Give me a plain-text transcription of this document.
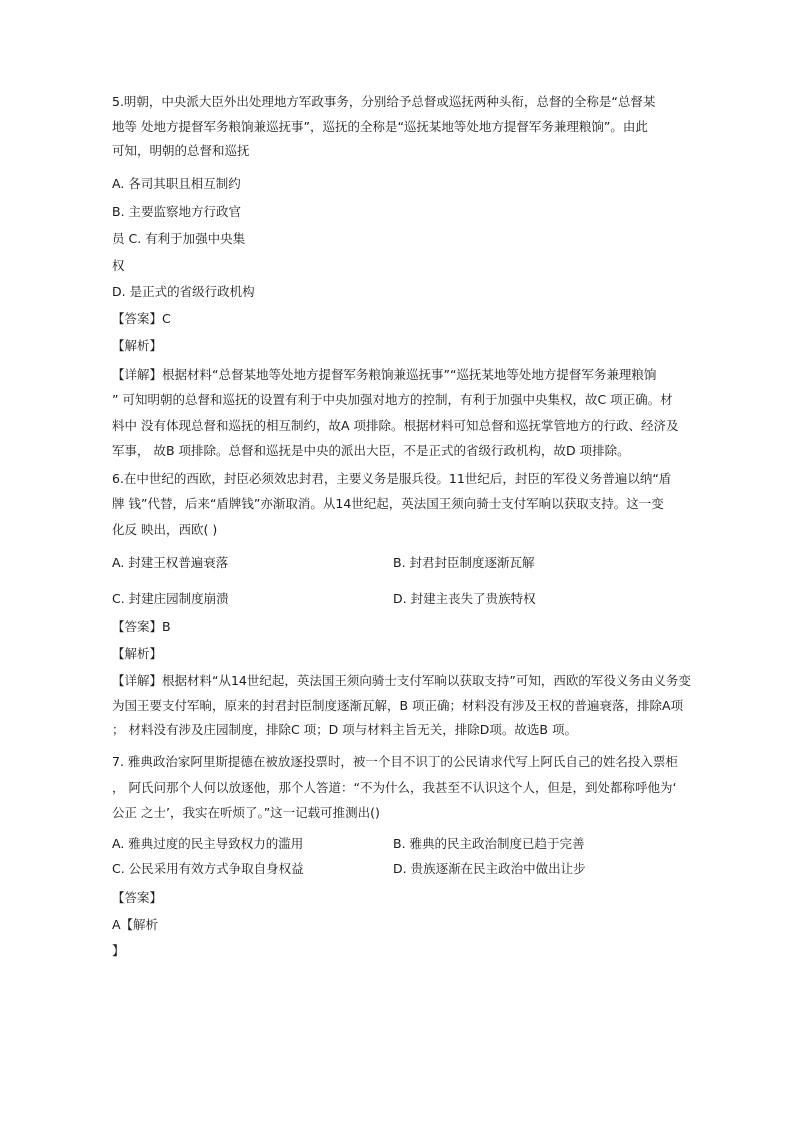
5.明朝，中央派大臣外出处理地方军政事务，分别给予总督或巡抚两种头衔，总督的全称是“总督某

地等 处地方提督军务粮饷兼巡抚事”，巡抚的全称是“巡抚某地等处地方提督军务兼理粮饷”。由此

可知，明朝的总督和巡抚

A. 各司其职且相互制约

B. 主要监察地方行政官

员 C. 有利于加强中央集

权

D. 是正式的省级行政机构

【答案】C

【解析】

【详解】根据材料“总督某地等处地方提督军务粮饷兼巡抚事”“巡抚某地等处地方提督军务兼理粮饷

” 可知明朝的总督和巡抚的设置有利于中央加强对地方的控制，有利于加强中央集权，故C 项正确。材

料中 没有体现总督和巡抚的相互制约，故A 项排除。根据材料可知总督和巡抚掌管地方的行政、经济及

军事， 故B 项排除。总督和巡抚是中央的派出大臣，不是正式的省级行政机构，故D 项排除。

6.在中世纪的西欧，封臣必须效忠封君，主要义务是服兵役。11世纪后，封臣的军役义务普遍以纳“盾

牌 钱”代替，后来“盾牌钱”亦渐取消。从14世纪起，英法国王须向骑士支付军晌以获取支持。这一变

化反 映出，西欧( )

A. 封建王权普遍衰落	B. 封君封臣制度逐渐瓦解

C. 封建庄园制度崩溃	D. 封建主丧失了贵族特权

【答案】B

【解析】

【详解】根据材料“从14世纪起，英法国王须向骑士支付军晌以获取支持”可知，西欧的军役义务由义务变

为国王要支付军晌，原来的封君封臣制度逐渐瓦解，B 项正确；材料没有涉及王权的普遍衰落，排除A项

； 材料没有涉及庄园制度，排除C 项；D 项与材料主旨无关，排除D项。故选B 项。

7. 雅典政治家阿里斯提德在被放逐投票时，被一个目不识丁的公民请求代写上阿氏自己的姓名投入票柜

， 阿氏问那个人何以放逐他，那个人答道：“不为什么，我甚至不认识这个人，但是，到处都称呼他为‘

公正 之士’，我实在听烦了。”这一记载可推测出()

A. 雅典过度的民主导致权力的滥用	B. 雅典的民主政治制度已趋于完善

C. 公民采用有效方式争取自身权益	D. 贵族逐渐在民主政治中做出让步

【答案】

A【解析

】
